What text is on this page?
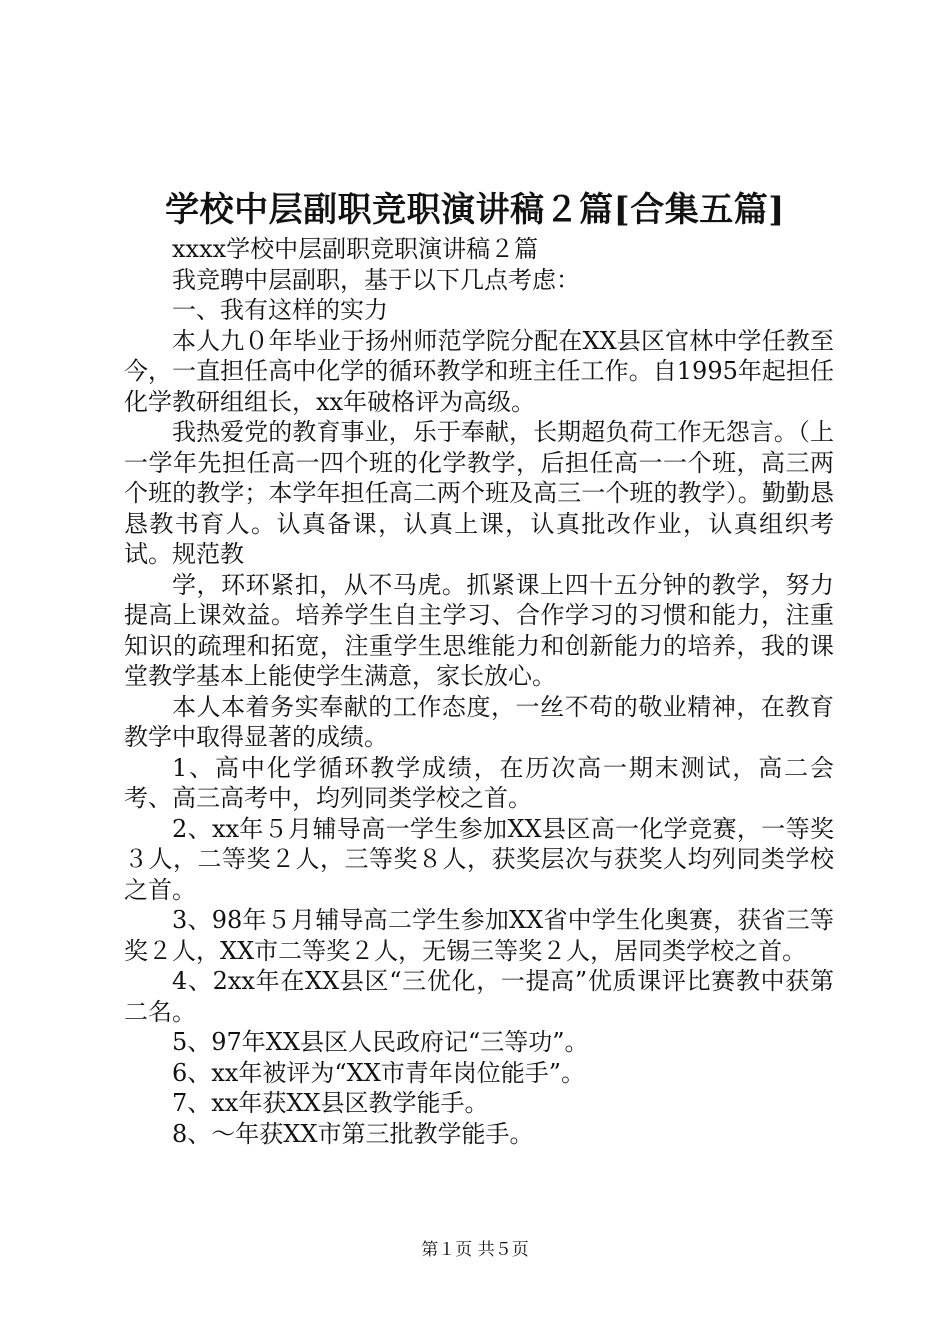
学校中层副职竞职演讲稿２篇[合集五篇]

xxxx学校中层副职竞职演讲稿２篇

我竞聘中层副职，基于以下几点考虑：

一、我有这样的实力

本人九０年毕业于扬州师范学院分配在XX县区官林中学任教至今，一直担任高中化学的循环教学和班主任工作。自1995年起担任化学教研组组长，xx年破格评为高级。

我热爱党的教育事业，乐于奉献，长期超负荷工作无怨言。（上一学年先担任高一四个班的化学教学，后担任高一一个班，高三两个班的教学；本学年担任高二两个班及高三一个班的教学）。勤勤恳恳教书育人。认真备课，认真上课，认真批改作业，认真组织考试。规范教

学，环环紧扣，从不马虎。抓紧课上四十五分钟的教学，努力提高上课效益。培养学生自主学习、合作学习的习惯和能力，注重知识的疏理和拓宽，注重学生思维能力和创新能力的培养，我的课堂教学基本上能使学生满意，家长放心。

本人本着务实奉献的工作态度，一丝不苟的敬业精神，在教育教学中取得显著的成绩。

1、高中化学循环教学成绩，在历次高一期末测试，高二会考、高三高考中，均列同类学校之首。

2、xx年５月辅导高一学生参加XX县区高一化学竞赛，一等奖３人，二等奖２人，三等奖８人，获奖层次与获奖人均列同类学校之首。

3、98年５月辅导高二学生参加XX省中学生化奥赛，获省三等奖２人，XX市二等奖２人，无锡三等奖２人，居同类学校之首。

4、2xx年在XX县区“三优化，一提高”优质课评比赛教中获第二名。

5、97年XX县区人民政府记“三等功”。

6、xx年被评为“XX市青年岗位能手”。

7、xx年获XX县区教学能手。

8、～年获XX市第三批教学能手。

第１页 共５页
